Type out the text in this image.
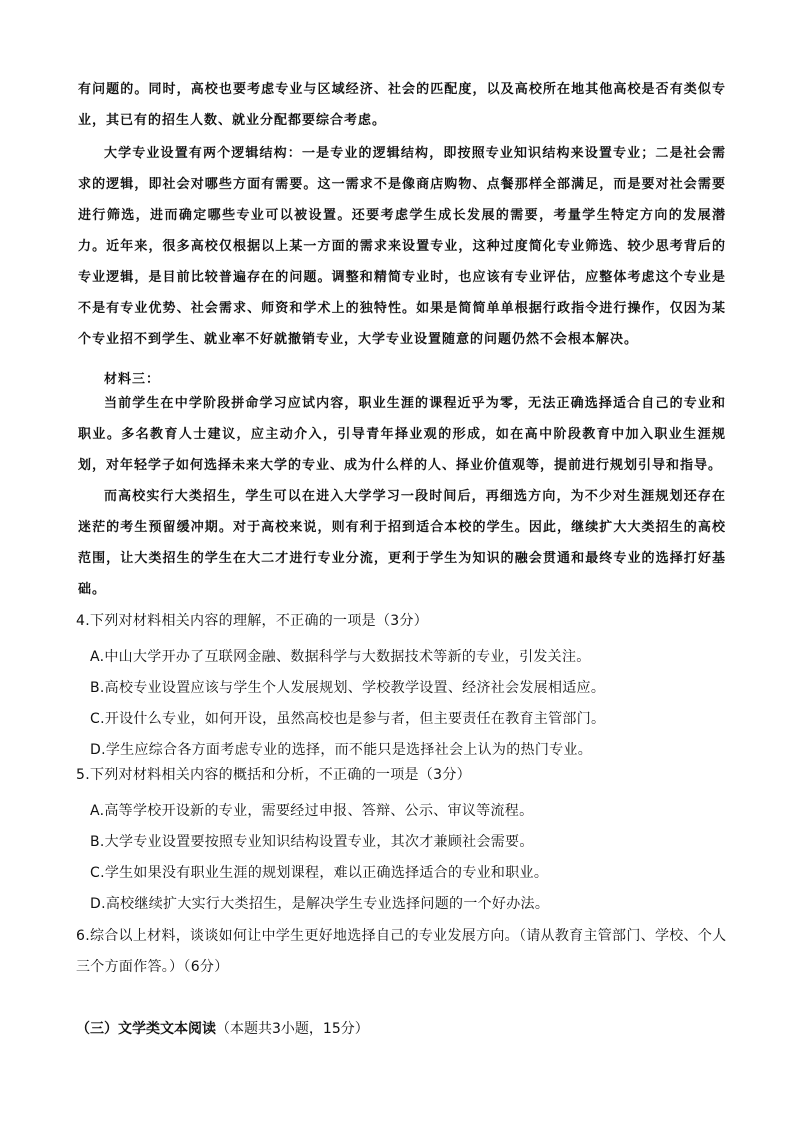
有问题的。同时，高校也要考虑专业与区域经济、社会的匹配度，以及高校所在地其他高校是否有类似专业，其已有的招生人数、就业分配都要综合考虑。
大学专业设置有两个逻辑结构：一是专业的逻辑结构，即按照专业知识结构来设置专业；二是社会需求的逻辑，即社会对哪些方面有需要。这一需求不是像商店购物、点餐那样全部满足，而是要对社会需要进行筛选，进而确定哪些专业可以被设置。还要考虑学生成长发展的需要，考量学生特定方向的发展潜力。近年来，很多高校仅根据以上某一方面的需求来设置专业，这种过度简化专业筛选、较少思考背后的专业逻辑，是目前比较普遍存在的问题。调整和精简专业时，也应该有专业评估，应整体考虑这个专业是不是有专业优势、社会需求、师资和学术上的独特性。如果是简简单单根据行政指令进行操作，仅因为某个专业招不到学生、就业率不好就撤销专业，大学专业设置随意的问题仍然不会根本解决。
材料三：
当前学生在中学阶段拼命学习应试内容，职业生涯的课程近乎为零，无法正确选择适合自己的专业和职业。多名教育人士建议，应主动介入，引导青年择业观的形成，如在高中阶段教育中加入职业生涯规划，对年轻学子如何选择未来大学的专业、成为什么样的人、择业价值观等，提前进行规划引导和指导。
而高校实行大类招生，学生可以在进入大学学习一段时间后，再细选方向，为不少对生涯规划还存在迷茫的考生预留缓冲期。对于高校来说，则有利于招到适合本校的学生。因此，继续扩大大类招生的高校范围，让大类招生的学生在大二才进行专业分流，更利于学生为知识的融会贯通和最终专业的选择打好基础。
4.下列对材料相关内容的理解，不正确的一项是（3分）
A.中山大学开办了互联网金融、数据科学与大数据技术等新的专业，引发关注。
B.高校专业设置应该与学生个人发展规划、学校教学设置、经济社会发展相适应。
C.开设什么专业，如何开设，虽然高校也是参与者，但主要责任在教育主管部门。
D.学生应综合各方面考虑专业的选择，而不能只是选择社会上认为的热门专业。
5.下列对材料相关内容的概括和分析，不正确的一项是（3分）
A.高等学校开设新的专业，需要经过申报、答辩、公示、审议等流程。
B.大学专业设置要按照专业知识结构设置专业，其次才兼顾社会需要。
C.学生如果没有职业生涯的规划课程，难以正确选择适合的专业和职业。
D.高校继续扩大实行大类招生，是解决学生专业选择问题的一个好办法。
6.综合以上材料，谈谈如何让中学生更好地选择自己的专业发展方向。（请从教育主管部门、学校、个人三个方面作答。）（6分）
（三）文学类文本阅读（本题共3小题，15分）
